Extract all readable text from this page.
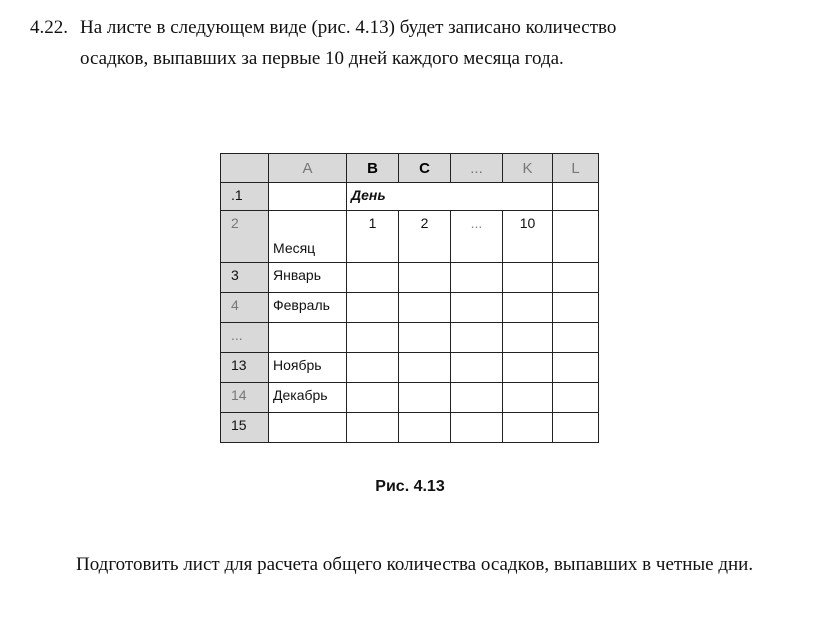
4.22. На листе в следующем виде (рис. 4.13) будет записано количество
осадков, выпавших за первые 10 дней каждого месяца года.
	A	B	C	...	K	L
.1		День				
2	Месяц	1	2	...	10	
3	Январь					
4	Февраль					
...						
13	Ноябрь					
14	Декабрь					
15						
Рис. 4.13
Подготовить лист для расчета общего количества осадков, выпавших в четные дни.
